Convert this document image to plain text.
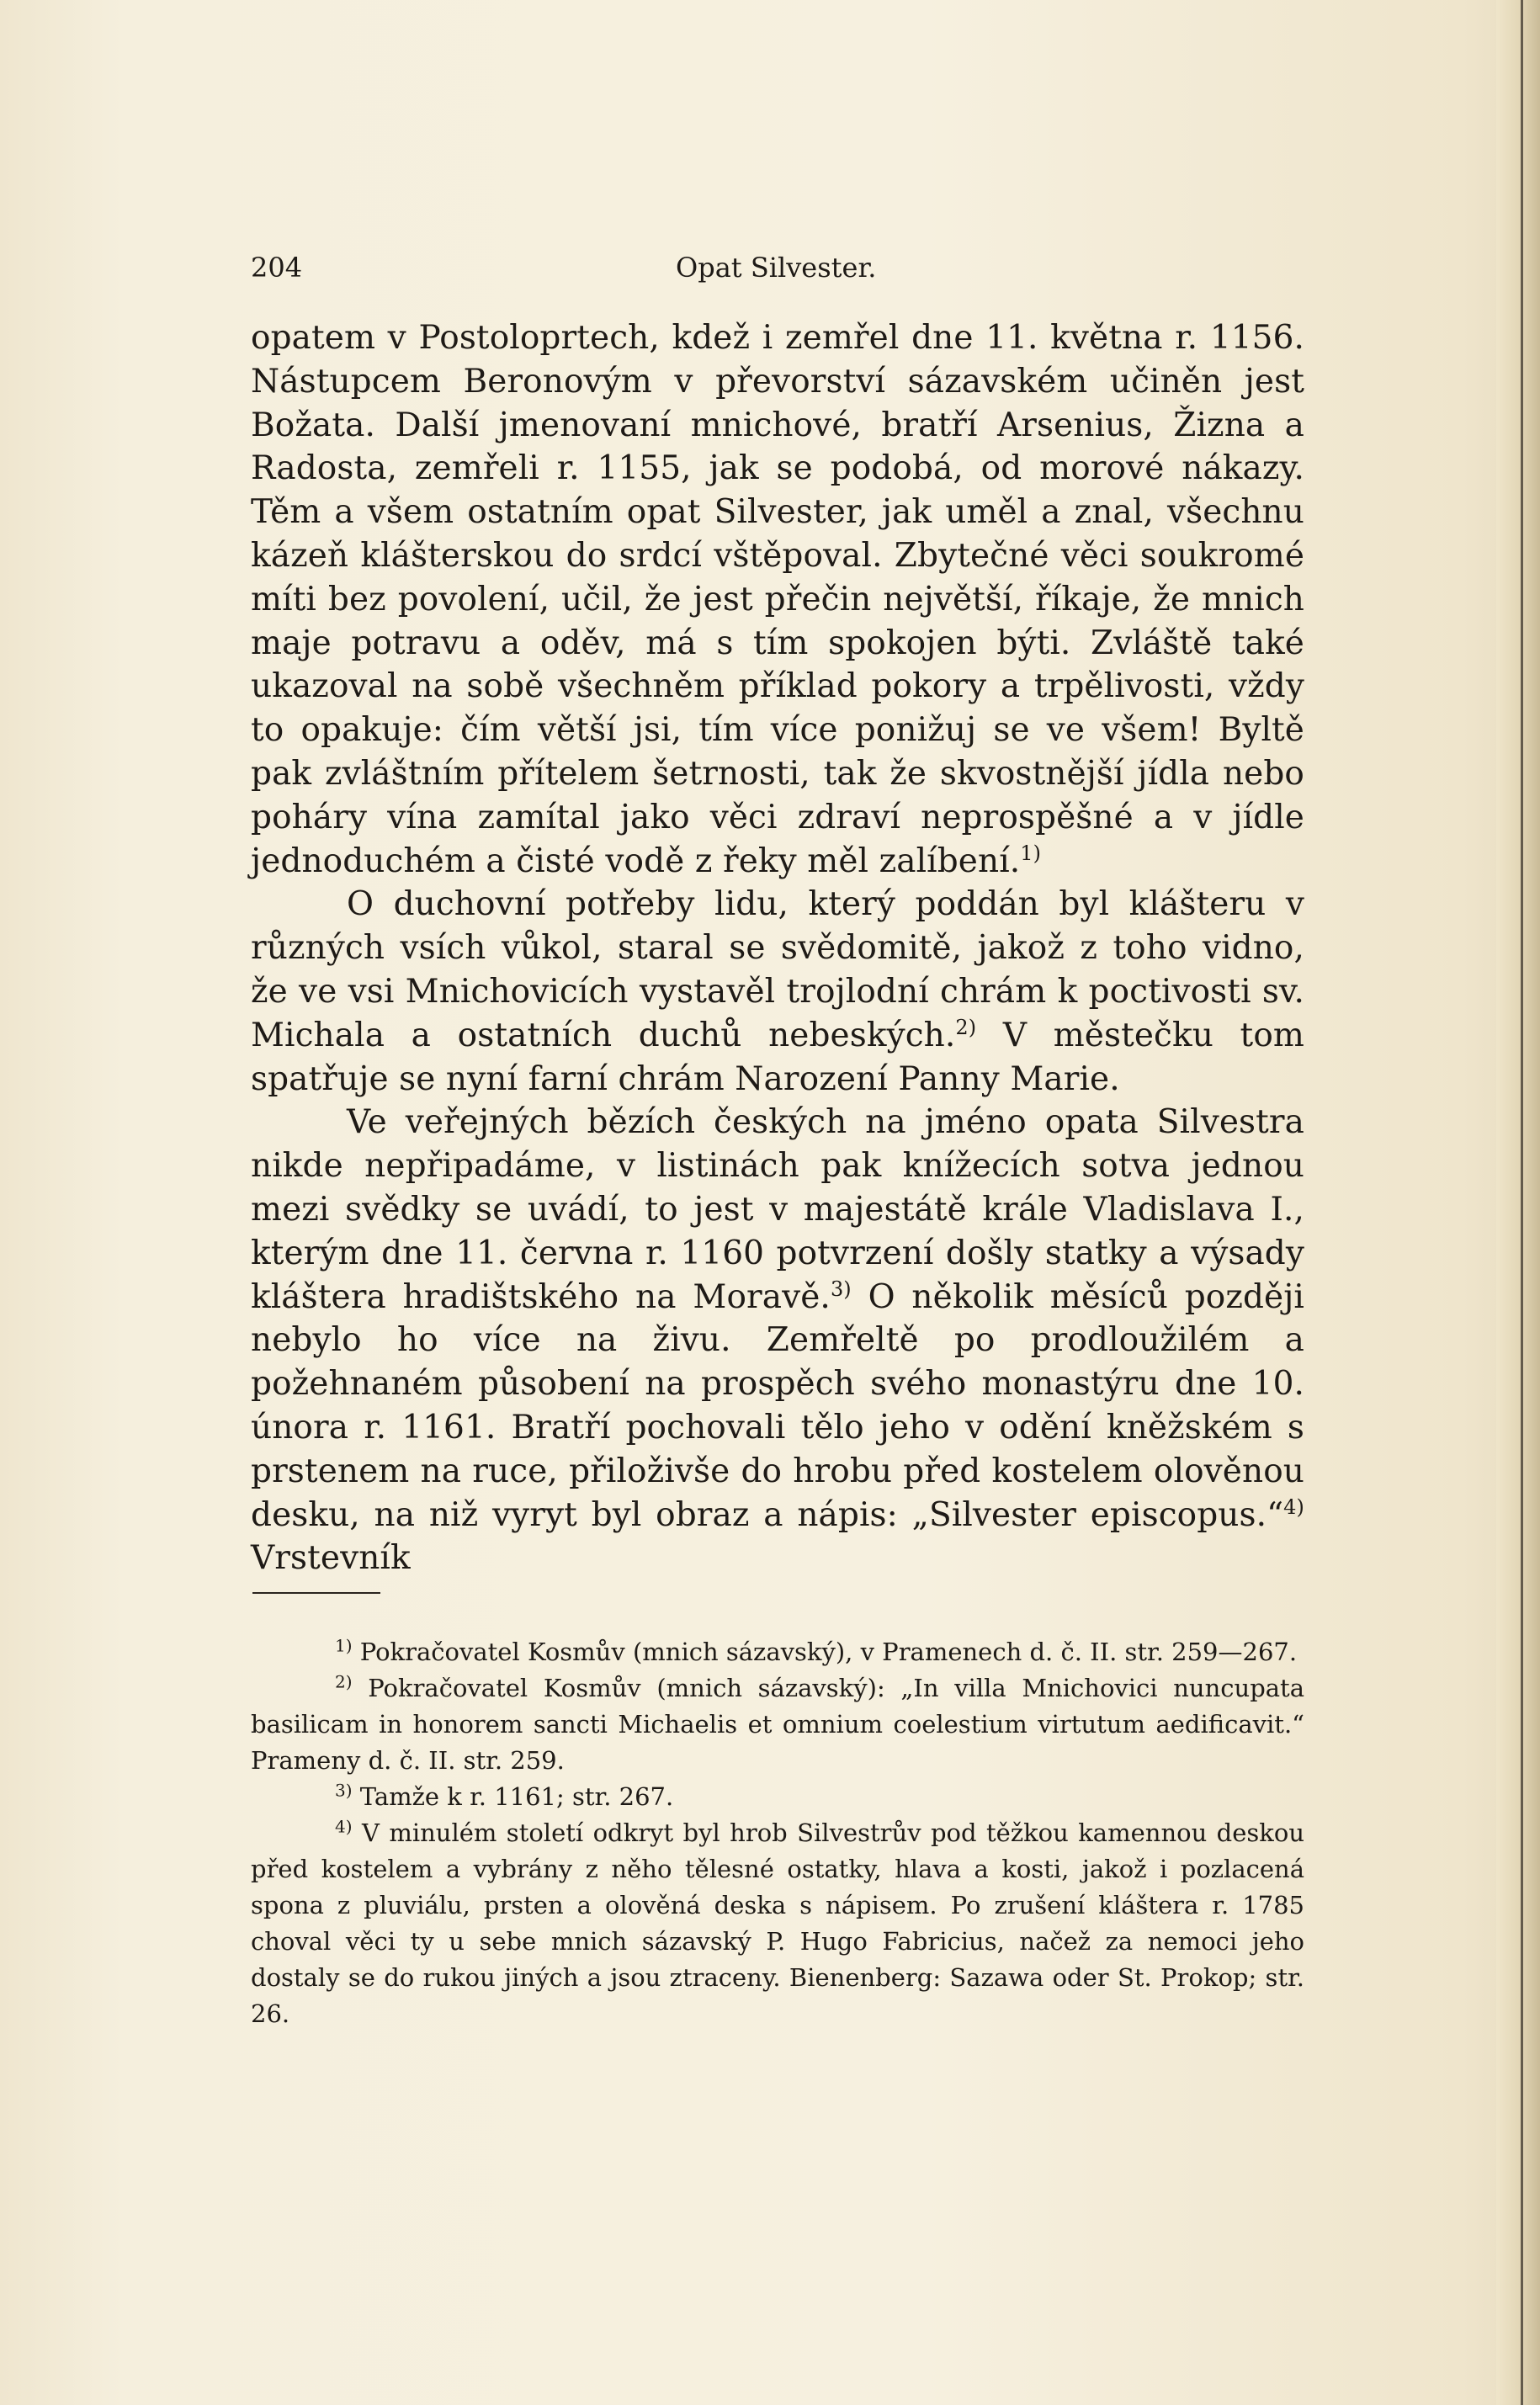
204	Opat Silvester.

opatem v Postoloprtech, kdež i zemřel dne 11. května r. 1156. Nástupcem Beronovým v převorství sázavském učiněn jest Božata. Další jmenovaní mnichové, bratří Arsenius, Žizna a Radosta, zemřeli r. 1155, jak se podobá, od morové nákazy. Těm a všem ostatním opat Silvester, jak uměl a znal, všechnu kázeň klášterskou do srdcí vštěpoval. Zbytečné věci soukromé míti bez povolení, učil, že jest přečin největší, říkaje, že mnich maje potravu a oděv, má s tím spokojen býti. Zvláště také ukazoval na sobě všechněm příklad pokory a trpělivosti, vždy to opakuje: čím větší jsi, tím více ponižuj se ve všem! Byltě pak zvláštním přítelem šetrnosti, tak že skvostnější jídla nebo poháry vína zamítal jako věci zdraví neprospěšné a v jídle jednoduchém a čisté vodě z řeky měl zalíbení.$^{1)}$

O duchovní potřeby lidu, který poddán byl klášteru v různých vsích vůkol, staral se svědomitě, jakož z toho vidno, že ve vsi Mnichovicích vystavěl trojlodní chrám k poctivosti sv. Michala a ostatních duchů nebeských.$^{2)}$ V městečku tom spatřuje se nyní farní chrám Narození Panny Marie.

Ve veřejných bězích českých na jméno opata Silvestra nikde nepřipadáme, v listinách pak knížecích sotva jednou mezi svědky se uvádí, to jest v majestátě krále Vladislava I., kterým dne 11. června r. 1160 potvrzení došly statky a výsady kláštera hradištského na Moravě.$^{3)}$ O několik měsíců později nebylo ho více na živu. Zemřeltě po prodloužilém a požehnaném působení na prospěch svého monastýru dne 10. února r. 1161. Bratří pochovali tělo jeho v odění kněžském s prstenem na ruce, přiloživše do hrobu před kostelem olověnou desku, na niž vyryt byl obraz a nápis: „Silvester episcopus.“$^{4)}$ Vrstevník

$^{1)}$ Pokračovatel Kosmův (mnich sázavský), v Pramenech d. č. II. str. 259—267.

$^{2)}$ Pokračovatel Kosmův (mnich sázavský): „In villa Mnichovici nuncupata basilicam in honorem sancti Michaelis et omnium coelestium virtutum aedificavit.“ Prameny d. č. II. str. 259.

$^{3)}$ Tamže k r. 1161; str. 267.

$^{4)}$ V minulém století odkryt byl hrob Silvestrův pod těžkou kamennou deskou před kostelem a vybrány z něho tělesné ostatky, hlava a kosti, jakož i pozlacená spona z pluviálu, prsten a olověná deska s nápisem. Po zrušení kláštera r. 1785 choval věci ty u sebe mnich sázavský P. Hugo Fabricius, načež za nemoci jeho dostaly se do rukou jiných a jsou ztraceny. Bienenberg: Sazawa oder St. Prokop; str. 26.
